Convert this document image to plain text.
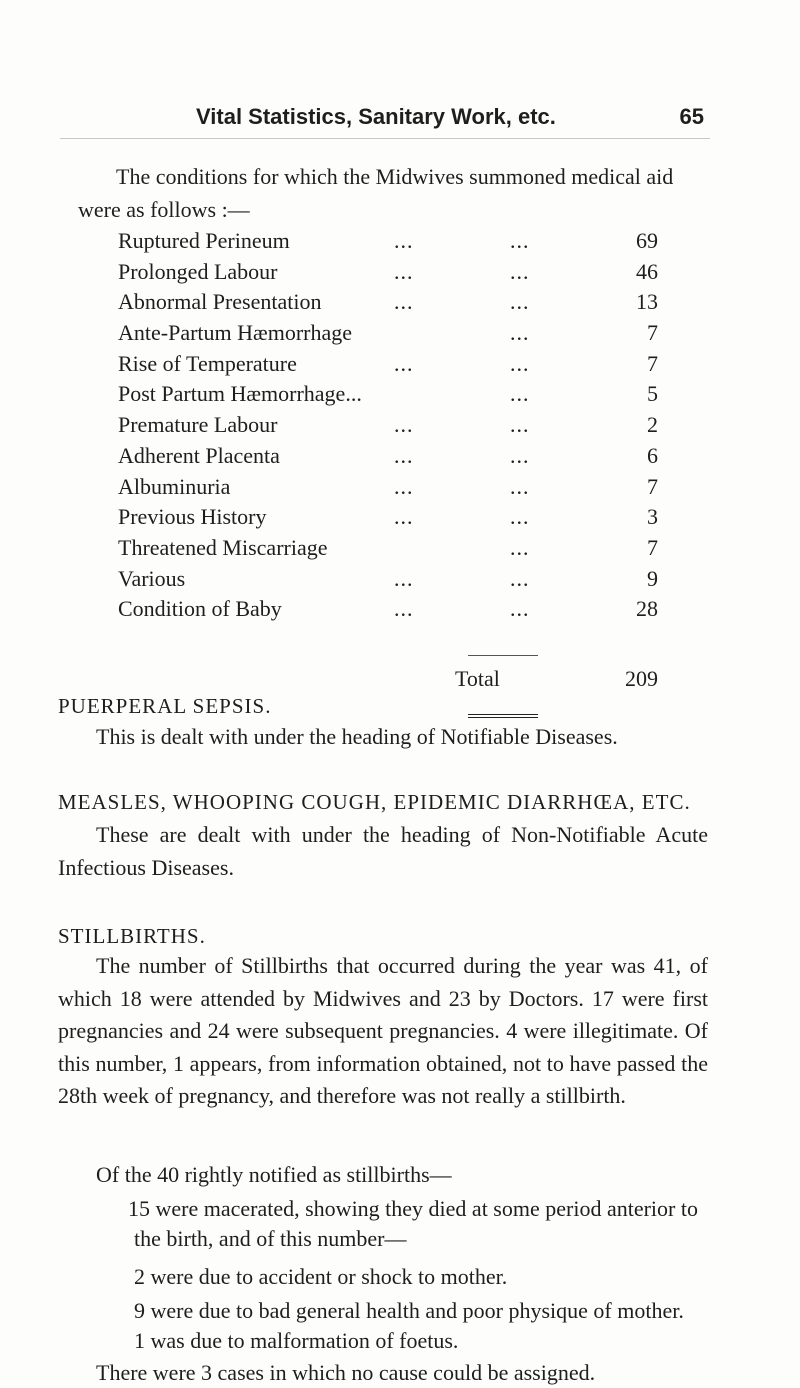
Vital Statistics, Sanitary Work, etc.	65

The conditions for which the Midwives summoned medical aid were as follows :—

Ruptured Perineum	...	...	69
Prolonged Labour	...	...	46
Abnormal Presentation	...	...	13
Ante-Partum Hæmorrhage	...	7
Rise of Temperature	...	...	7
Post Partum Hæmorrhage...	...	5
Premature Labour	...	...	2
Adherent Placenta	...	...	6
Albuminuria	...	...	7
Previous History	...	...	3
Threatened Miscarriage	...	7
Various	...	...	9
Condition of Baby	...	...	28
Total	209
PUERPERAL SEPSIS.

This is dealt with under the heading of Notifiable Diseases.

MEASLES, WHOOPING COUGH, EPIDEMIC DIARRHŒA, ETC.

These are dealt with under the heading of Non-Notifiable Acute Infectious Diseases.

STILLBIRTHS.

The number of Stillbirths that occurred during the year was 41, of which 18 were attended by Midwives and 23 by Doctors. 17 were first pregnancies and 24 were subsequent pregnancies. 4 were illegitimate. Of this number, 1 appears, from information obtained, not to have passed the 28th week of pregnancy, and therefore was not really a stillbirth.

Of the 40 rightly notified as stillbirths—

15 were macerated, showing they died at some period anterior to the birth, and of this number—

2 were due to accident or shock to mother.

9 were due to bad general health and poor physique of mother.

1 was due to malformation of foetus.

There were 3 cases in which no cause could be assigned.
